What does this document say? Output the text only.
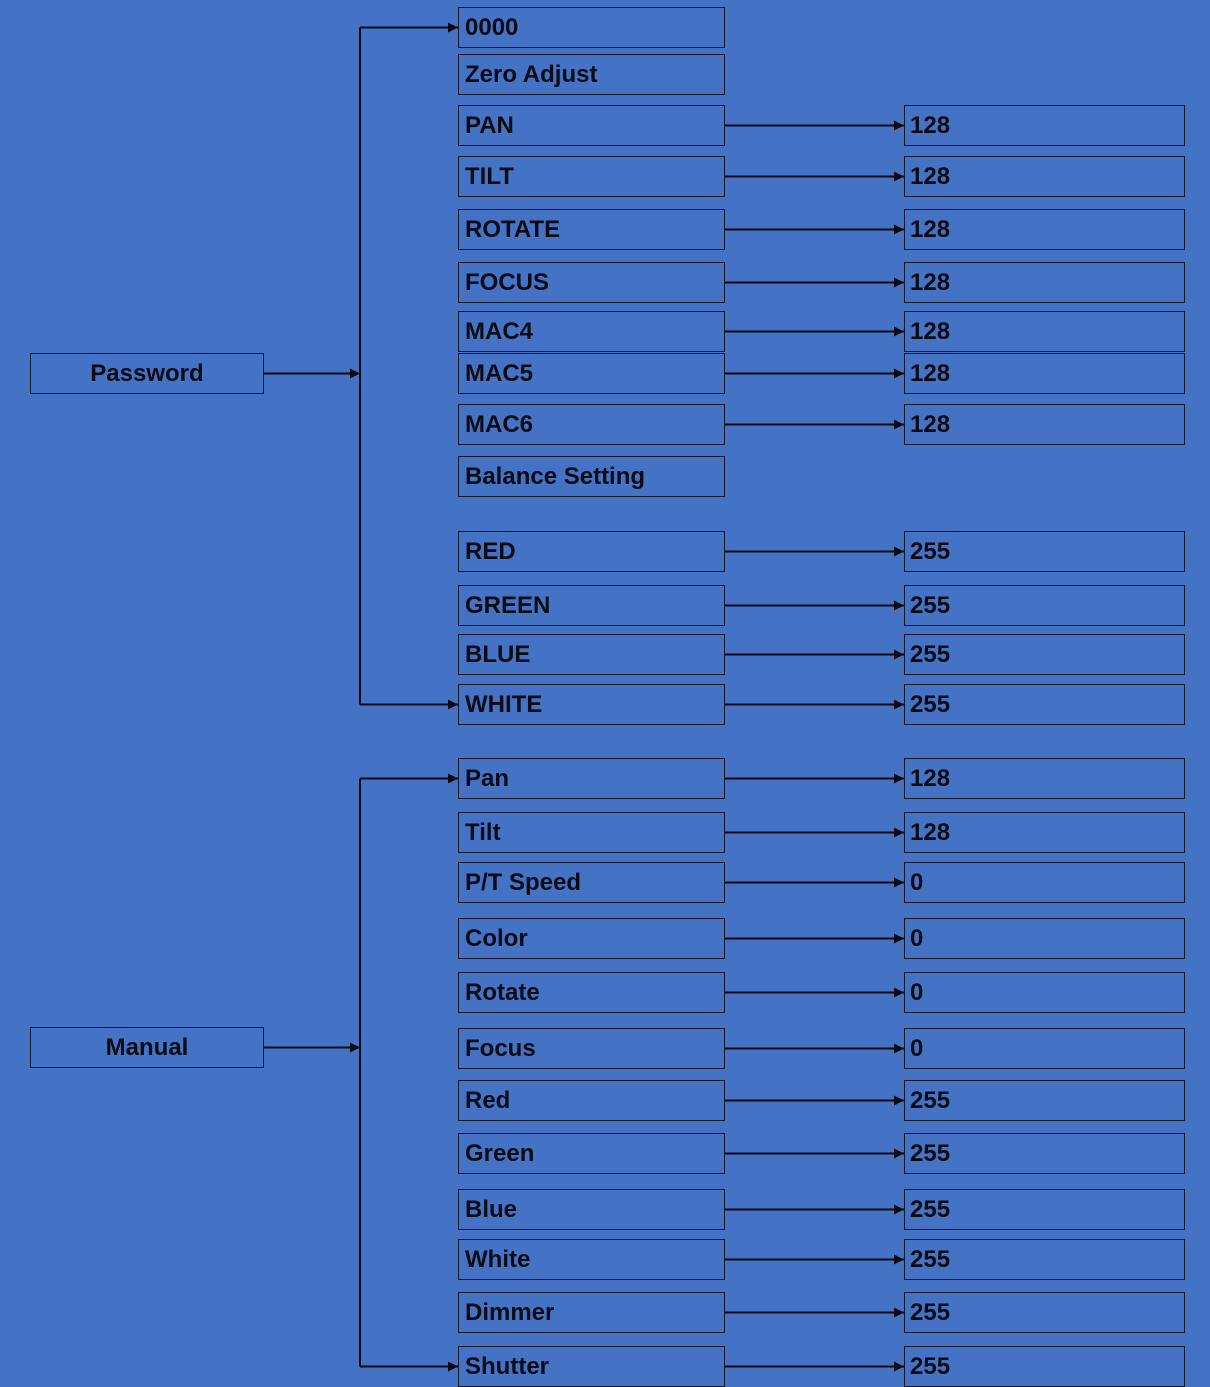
Password
Manual
0000
Zero Adjust
PAN	128
TILT	128
ROTATE	128
FOCUS	128
MAC4	128
MAC5	128
MAC6	128
Balance Setting
RED	255
GREEN	255
BLUE	255
WHITE	255
Pan	128
Tilt	128
P/T Speed	0
Color	0
Rotate	0
Focus	0
Red	255
Green	255
Blue	255
White	255
Dimmer	255
Shutter	255
